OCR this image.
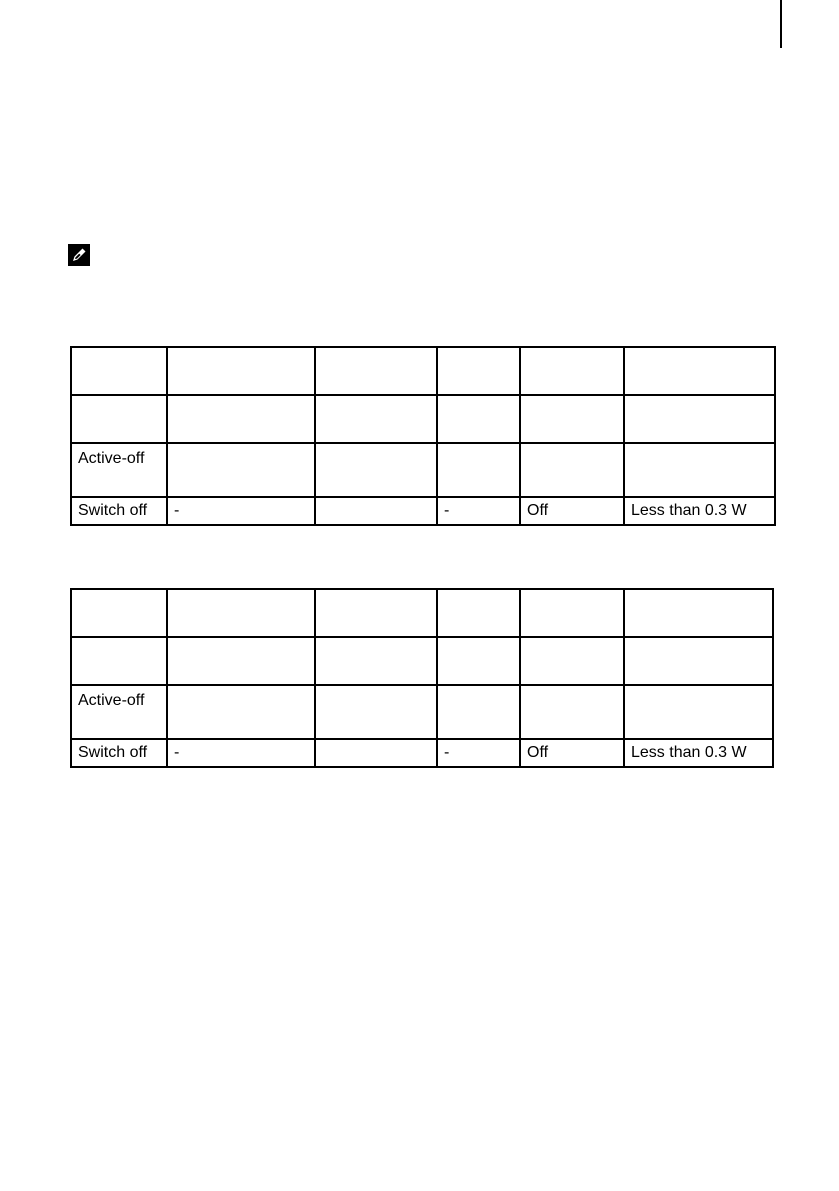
Active-off					
Switch off	-		-	Off	Less than 0.3 W

Active-off					
Switch off	-		-	Off	Less than 0.3 W
